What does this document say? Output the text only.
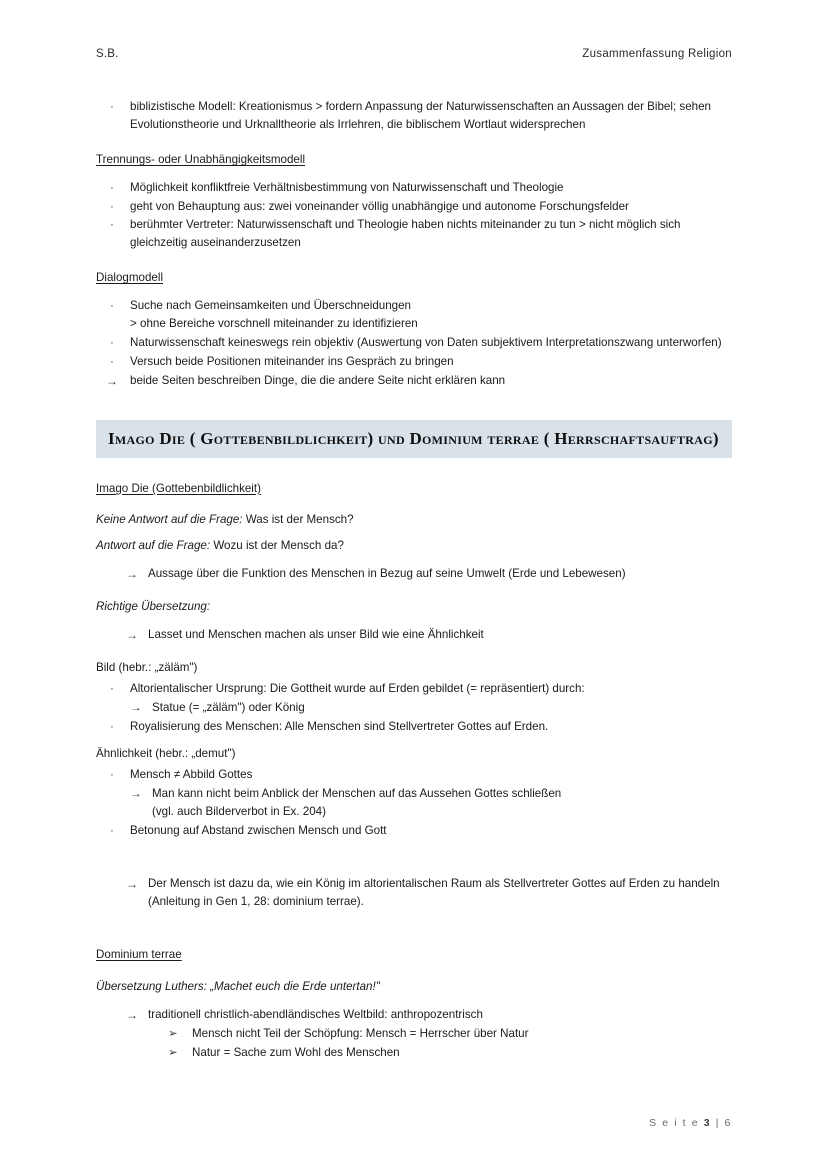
S.B.	Zusammenfassung Religion
· biblizistische Modell: Kreationismus > fordern Anpassung der Naturwissenschaften an Aussagen der Bibel; sehen Evolutionstheorie und Urknalltheorie als Irrlehren, die biblischem Wortlaut widersprechen
Trennungs- oder Unabhängigkeitsmodell
· Möglichkeit konfliktfreie Verhältnisbestimmung von Naturwissenschaft und Theologie
· geht von Behauptung aus: zwei voneinander völlig unabhängige und autonome Forschungsfelder
· berühmter Vertreter: Naturwissenschaft und Theologie haben nichts miteinander zu tun > nicht möglich sich gleichzeitig auseinanderzusetzen
Dialogmodell
· Suche nach Gemeinsamkeiten und Überschneidungen
> ohne Bereiche vorschnell miteinander zu identifizieren
· Naturwissenschaft keineswegs rein objektiv (Auswertung von Daten subjektivem Interpretationszwang unterworfen)
· Versuch beide Positionen miteinander ins Gespräch zu bringen
→ beide Seiten beschreiben Dinge, die die andere Seite nicht erklären kann
Imago Die ( Gottebenbildlichkeit) und Dominium terrae ( Herrschaftsauftrag)
Imago Die (Gottebenbildlichkeit)
Keine Antwort auf die Frage: Was ist der Mensch?
Antwort auf die Frage: Wozu ist der Mensch da?
→ Aussage über die Funktion des Menschen in Bezug auf seine Umwelt (Erde und Lebewesen)
Richtige Übersetzung:
→ Lasset und Menschen machen als unser Bild wie eine Ähnlichkeit
Bild (hebr.: „zäläm")
· Altorientalischer Ursprung: Die Gottheit wurde auf Erden gebildet (= repräsentiert) durch:
→ Statue (= „zäläm") oder König
· Royalisierung des Menschen: Alle Menschen sind Stellvertreter Gottes auf Erden.
Ähnlichkeit (hebr.: „demut")
· Mensch ≠ Abbild Gottes
→ Man kann nicht beim Anblick der Menschen auf das Aussehen Gottes schließen
(vgl. auch Bilderverbot in Ex. 204)
· Betonung auf Abstand zwischen Mensch und Gott
→ Der Mensch ist dazu da, wie ein König im altorientalischen Raum als Stellvertreter Gottes auf Erden zu handeln (Anleitung in Gen 1, 28: dominium terrae).
Dominium terrae
Übersetzung Luthers: „Machet euch die Erde untertan!"
→ traditionell christlich-abendländisches Weltbild: anthropozentrisch
➢ Mensch nicht Teil der Schöpfung: Mensch = Herrscher über Natur
➢ Natur = Sache zum Wohl des Menschen
S e i t e 3 | 6
